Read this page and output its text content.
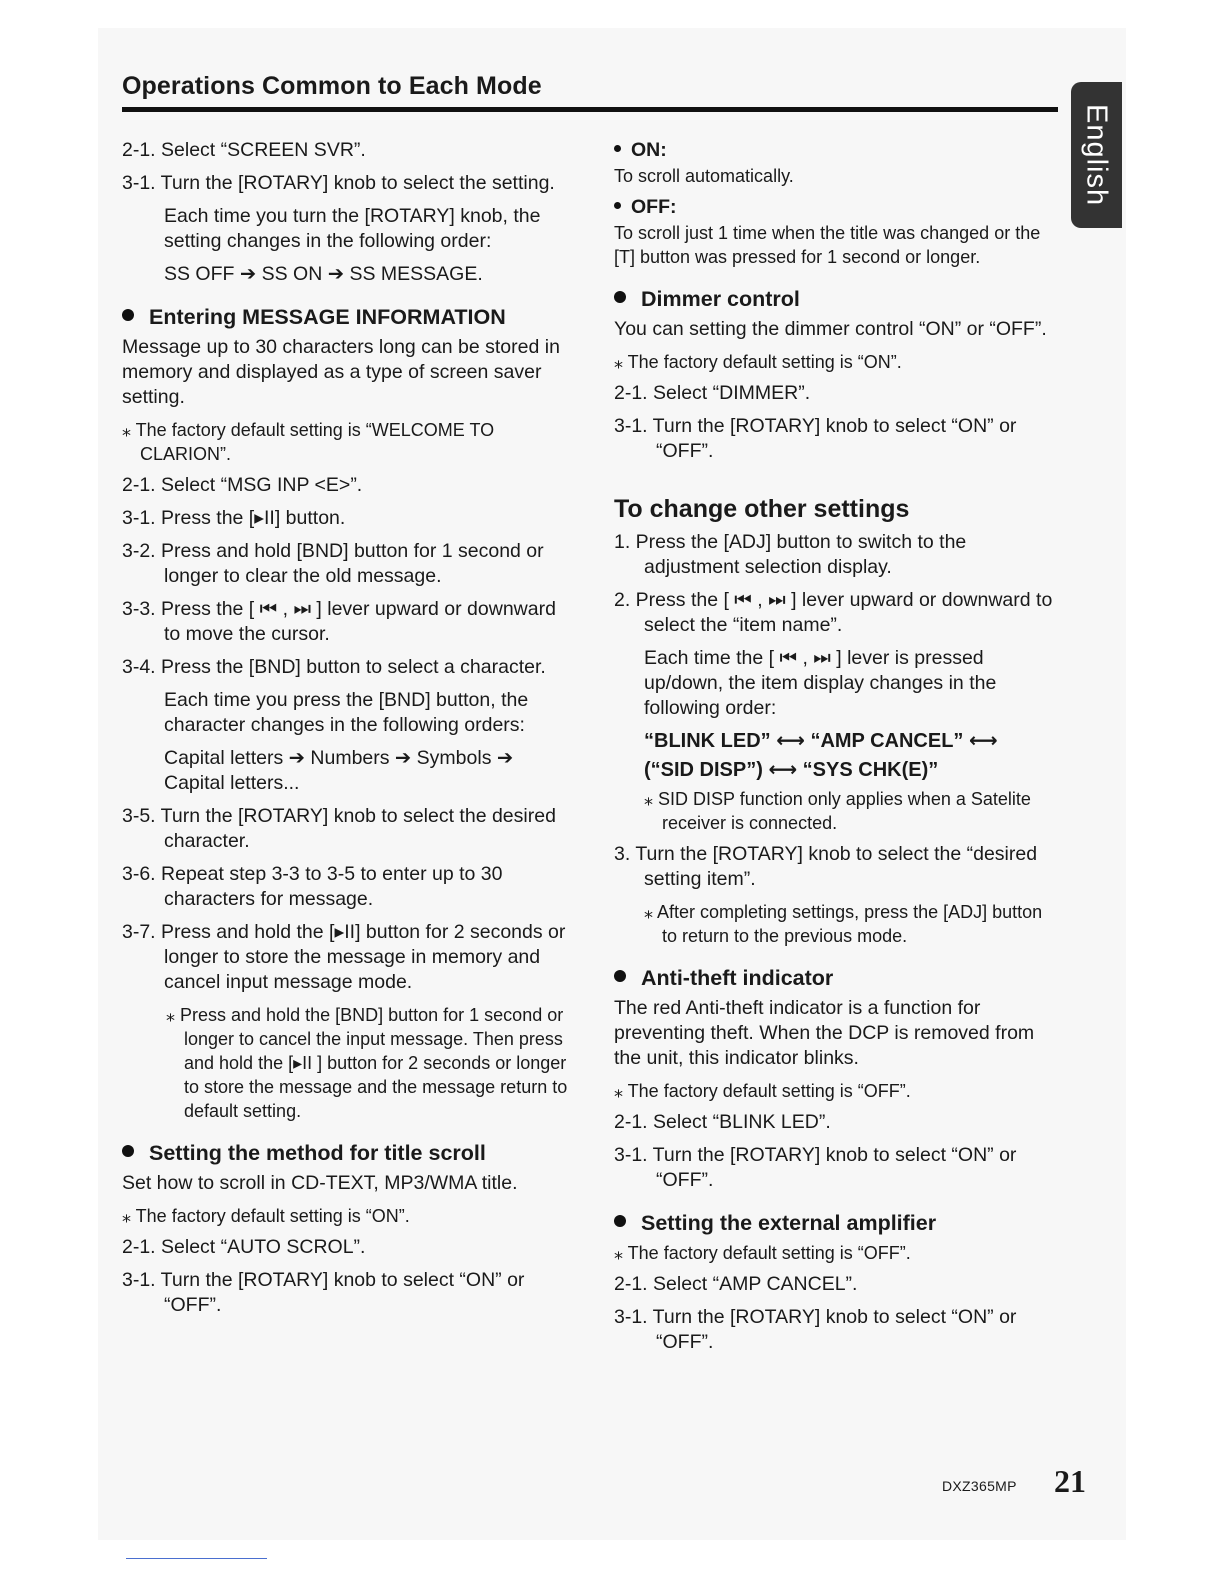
Operations Common to Each Mode
English

2-1. Select “SCREEN SVR”.

3-1. Turn the [ROTARY] knob to select the setting.

Each time you turn the [ROTARY] knob, the setting changes in the following order:

SS OFF ➔ SS ON ➔ SS MESSAGE.

Entering MESSAGE INFORMATION

Message up to 30 characters long can be stored in memory and displayed as a type of screen saver setting.

⁎ The factory default setting is “WELCOME TO CLARION”.

2-1. Select “MSG INP <E>”.

3-1. Press the [▸II] button.

3-2. Press and hold [BND] button for 1 second or longer to clear the old message.

3-3. Press the [ ⏮ , ⏭ ] lever upward or downward to move the cursor.

3-4. Press the [BND] button to select a character.

Each time you press the [BND] button, the character changes in the following orders:

Capital letters ➔ Numbers ➔ Symbols ➔ Capital letters...

3-5. Turn the [ROTARY] knob to select the desired character.

3-6. Repeat step 3-3 to 3-5 to enter up to 30 characters for message.

3-7. Press and hold the [▸II] button for 2 seconds or longer to store the message in memory and cancel input message mode.

⁎ Press and hold the [BND] button for 1 second or longer to cancel the input message. Then press and hold the [▸II ] button for 2 seconds or longer to store the message and the message return to default setting.

Setting the method for title scroll

Set how to scroll in CD-TEXT, MP3/WMA title.

⁎ The factory default setting is “ON”.

2-1. Select “AUTO SCROL”.

3-1. Turn the [ROTARY] knob to select “ON” or “OFF”.

ON:

To scroll automatically.

OFF:

To scroll just 1 time when the title was changed or the [T] button was pressed for 1 second or longer.

Dimmer control

You can setting the dimmer control “ON” or “OFF”.

⁎ The factory default setting is “ON”.

2-1. Select “DIMMER”.

3-1. Turn the [ROTARY] knob to select “ON” or “OFF”.

To change other settings

1. Press the [ADJ] button to switch to the adjustment selection display.

2. Press the [ ⏮ , ⏭ ] lever upward or downward to select the “item name”.

Each time the [ ⏮ , ⏭ ] lever is pressed up/down, the item display changes in the following order:

“BLINK LED” ⟷ “AMP CANCEL” ⟷

(“SID DISP”) ⟷ “SYS CHK(E)”

⁎ SID DISP function only applies when a Satelite receiver is connected.

3. Turn the [ROTARY] knob to select the “desired setting item”.

⁎ After completing settings, press the [ADJ] button to return to the previous mode.

Anti-theft indicator

The red Anti-theft indicator is a function for preventing theft. When the DCP is removed from the unit, this indicator blinks.

⁎ The factory default setting is “OFF”.

2-1. Select “BLINK LED”.

3-1. Turn the [ROTARY] knob to select “ON” or “OFF”.

Setting the external amplifier

⁎ The factory default setting is “OFF”.

2-1. Select “AMP CANCEL”.

3-1. Turn the [ROTARY] knob to select “ON” or “OFF”.

DXZ365MP 21
